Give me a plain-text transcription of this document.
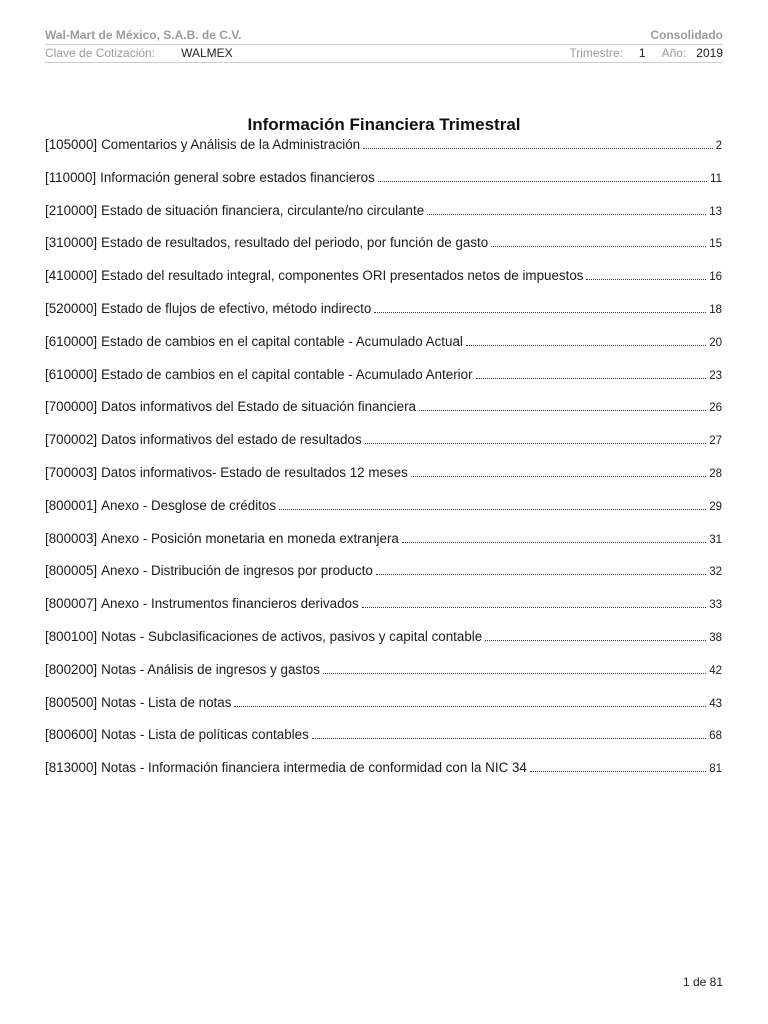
Wal-Mart de México, S.A.B. de C.V.	Consolidado
Clave de Cotización: WALMEX	Trimestre: 1 Año: 2019
Información Financiera Trimestral
[105000] Comentarios y Análisis de la Administración	2
[110000] Información general sobre estados financieros	11
[210000] Estado de situación financiera, circulante/no circulante	13
[310000] Estado de resultados, resultado del periodo, por función de gasto	15
[410000] Estado del resultado integral, componentes ORI presentados netos de impuestos	16
[520000] Estado de flujos de efectivo, método indirecto	18
[610000] Estado de cambios en el capital contable - Acumulado Actual	20
[610000] Estado de cambios en el capital contable - Acumulado Anterior	23
[700000] Datos informativos del Estado de situación financiera	26
[700002] Datos informativos del estado de resultados	27
[700003] Datos informativos- Estado de resultados 12 meses	28
[800001] Anexo - Desglose de créditos	29
[800003] Anexo - Posición monetaria en moneda extranjera	31
[800005] Anexo - Distribución de ingresos por producto	32
[800007] Anexo - Instrumentos financieros derivados	33
[800100] Notas - Subclasificaciones de activos, pasivos y capital contable	38
[800200] Notas - Análisis de ingresos y gastos	42
[800500] Notas - Lista de notas	43
[800600] Notas - Lista de políticas contables	68
[813000] Notas - Información financiera intermedia de conformidad con la NIC 34	81
1 de 81
